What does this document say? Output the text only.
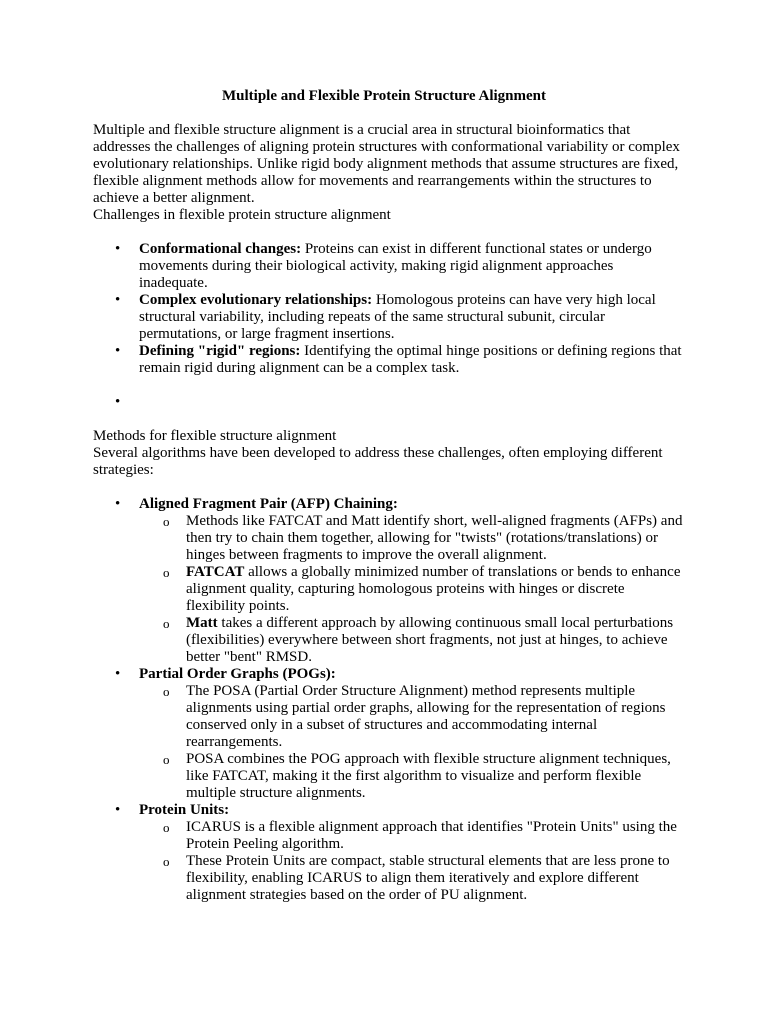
Multiple and Flexible Protein Structure Alignment

Multiple and flexible structure alignment is a crucial area in structural bioinformatics that addresses the challenges of aligning protein structures with conformational variability or complex evolutionary relationships. Unlike rigid body alignment methods that assume structures are fixed, flexible alignment methods allow for movements and rearrangements within the structures to achieve a better alignment.
Challenges in flexible protein structure alignment

•	Conformational changes: Proteins can exist in different functional states or undergo movements during their biological activity, making rigid alignment approaches inadequate.
•	Complex evolutionary relationships: Homologous proteins can have very high local structural variability, including repeats of the same structural subunit, circular permutations, or large fragment insertions.
•	Defining "rigid" regions: Identifying the optimal hinge positions or defining regions that remain rigid during alignment can be a complex task.
•

Methods for flexible structure alignment
Several algorithms have been developed to address these challenges, often employing different strategies:

•	Aligned Fragment Pair (AFP) Chaining:
o Methods like FATCAT and Matt identify short, well-aligned fragments (AFPs) and then try to chain them together, allowing for "twists" (rotations/translations) or hinges between fragments to improve the overall alignment.
o FATCAT allows a globally minimized number of translations or bends to enhance alignment quality, capturing homologous proteins with hinges or discrete flexibility points.
o Matt takes a different approach by allowing continuous small local perturbations (flexibilities) everywhere between short fragments, not just at hinges, to achieve better "bent" RMSD.
•	Partial Order Graphs (POGs):
o The POSA (Partial Order Structure Alignment) method represents multiple alignments using partial order graphs, allowing for the representation of regions conserved only in a subset of structures and accommodating internal rearrangements.
o POSA combines the POG approach with flexible structure alignment techniques, like FATCAT, making it the first algorithm to visualize and perform flexible multiple structure alignments.
•	Protein Units:
o ICARUS is a flexible alignment approach that identifies "Protein Units" using the Protein Peeling algorithm.
o These Protein Units are compact, stable structural elements that are less prone to flexibility, enabling ICARUS to align them iteratively and explore different alignment strategies based on the order of PU alignment.
